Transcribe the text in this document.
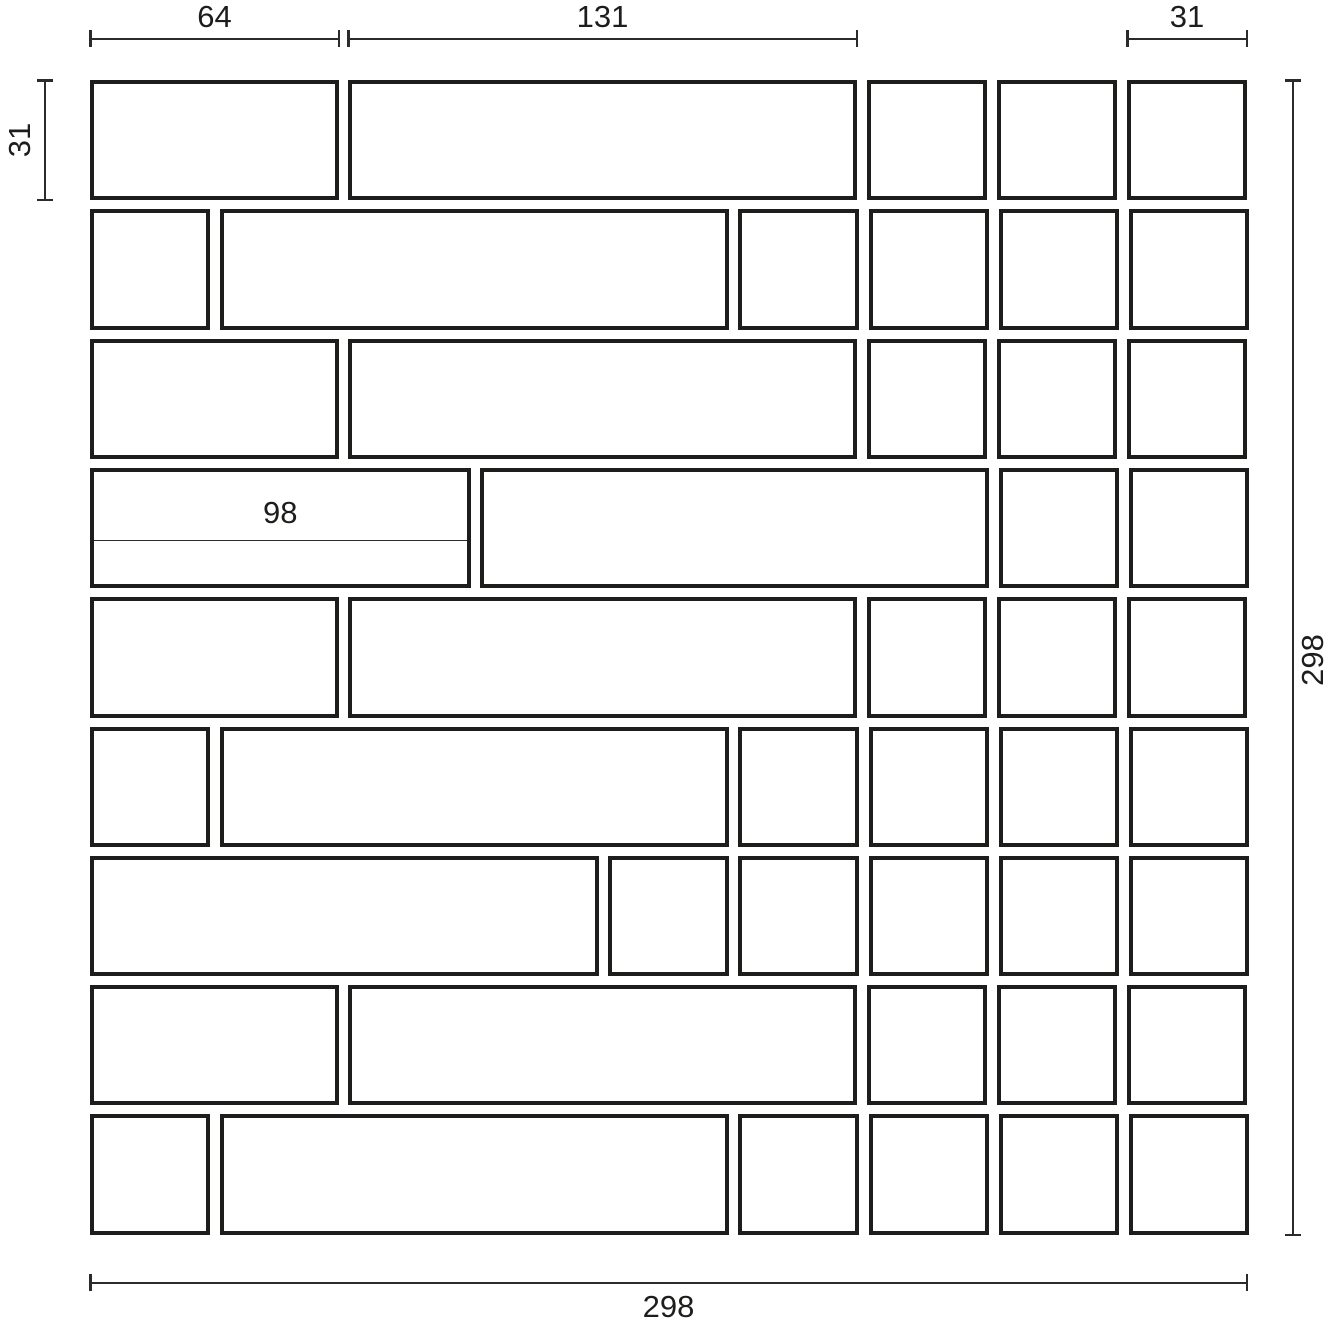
98
64	131	31
31
298
298
